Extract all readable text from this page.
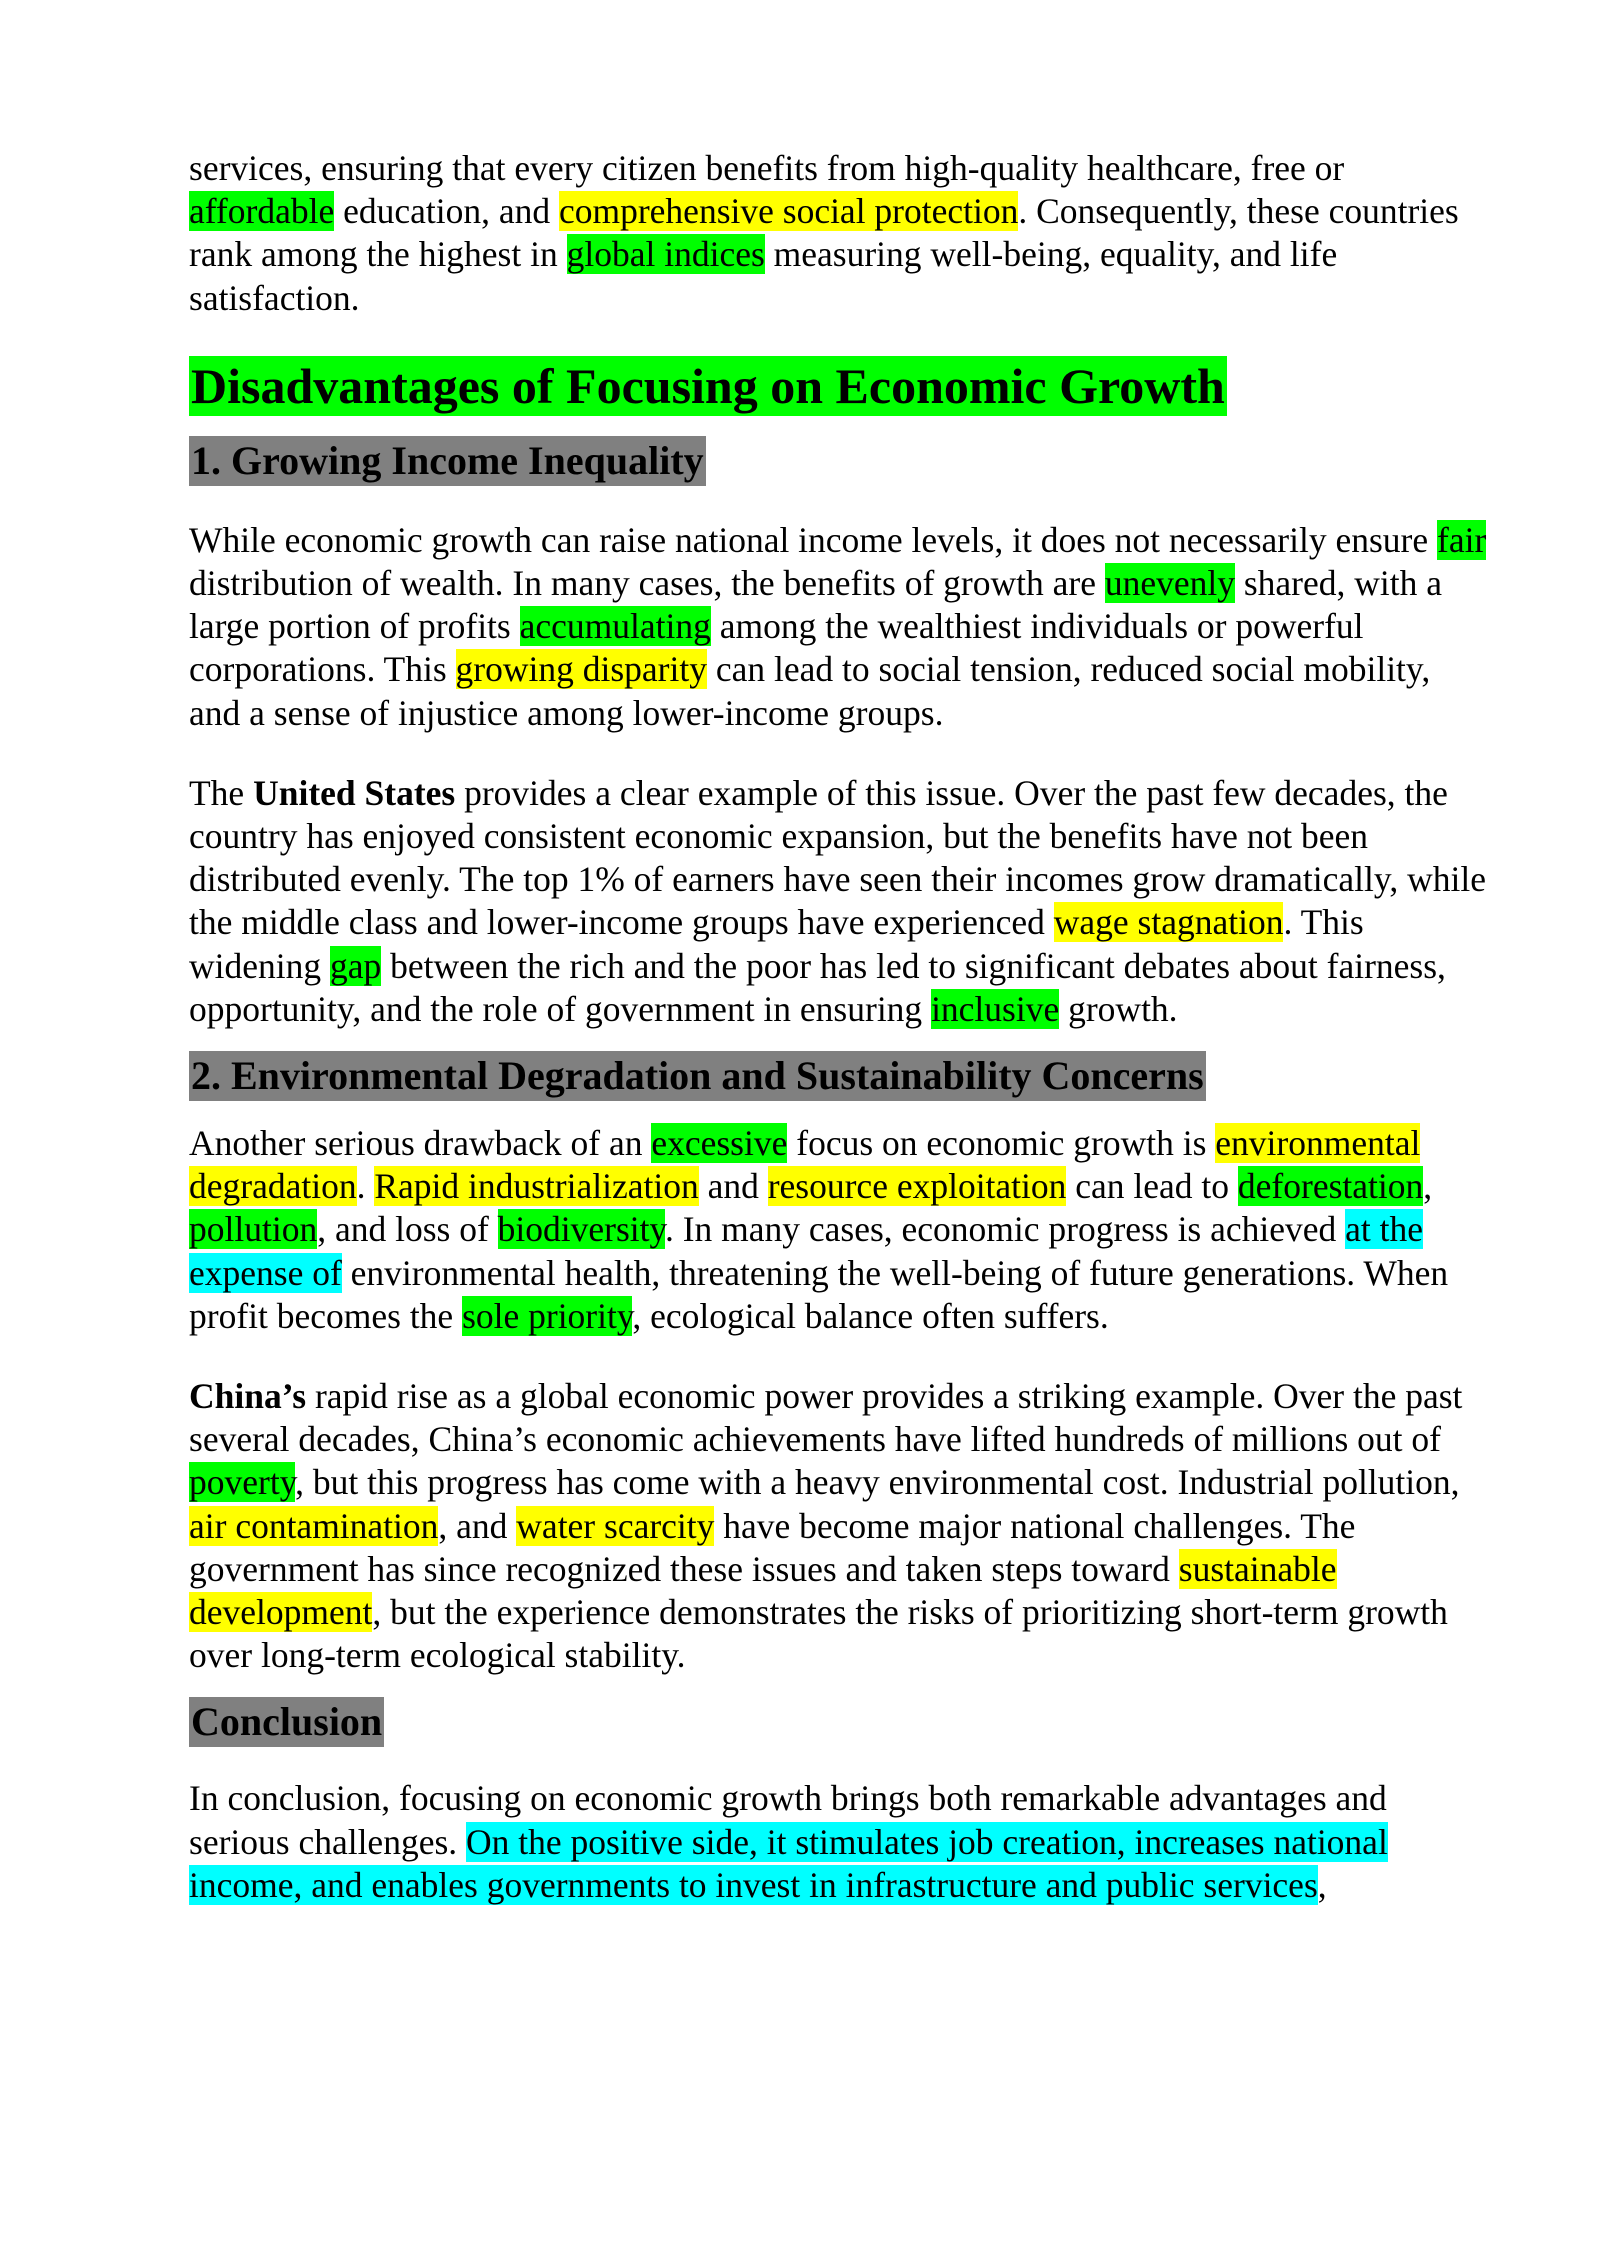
services, ensuring that every citizen benefits from high-quality healthcare, free or affordable education, and comprehensive social protection. Consequently, these countries rank among the highest in global indices measuring well-being, equality, and life satisfaction.

Disadvantages of Focusing on Economic Growth
1. Growing Income Inequality

While economic growth can raise national income levels, it does not necessarily ensure fair distribution of wealth. In many cases, the benefits of growth are unevenly shared, with a large portion of profits accumulating among the wealthiest individuals or powerful corporations. This growing disparity can lead to social tension, reduced social mobility, and a sense of injustice among lower-income groups.

The United States provides a clear example of this issue. Over the past few decades, the country has enjoyed consistent economic expansion, but the benefits have not been distributed evenly. The top 1% of earners have seen their incomes grow dramatically, while the middle class and lower-income groups have experienced wage stagnation. This widening gap between the rich and the poor has led to significant debates about fairness, opportunity, and the role of government in ensuring inclusive growth.

2. Environmental Degradation and Sustainability Concerns

Another serious drawback of an excessive focus on economic growth is environmental degradation. Rapid industrialization and resource exploitation can lead to deforestation, pollution, and loss of biodiversity. In many cases, economic progress is achieved at the expense of environmental health, threatening the well-being of future generations. When profit becomes the sole priority, ecological balance often suffers.

China’s rapid rise as a global economic power provides a striking example. Over the past several decades, China’s economic achievements have lifted hundreds of millions out of poverty, but this progress has come with a heavy environmental cost. Industrial pollution, air contamination, and water scarcity have become major national challenges. The government has since recognized these issues and taken steps toward sustainable development, but the experience demonstrates the risks of prioritizing short-term growth over long-term ecological stability.

Conclusion

In conclusion, focusing on economic growth brings both remarkable advantages and serious challenges. On the positive side, it stimulates job creation, increases national income, and enables governments to invest in infrastructure and public services,
